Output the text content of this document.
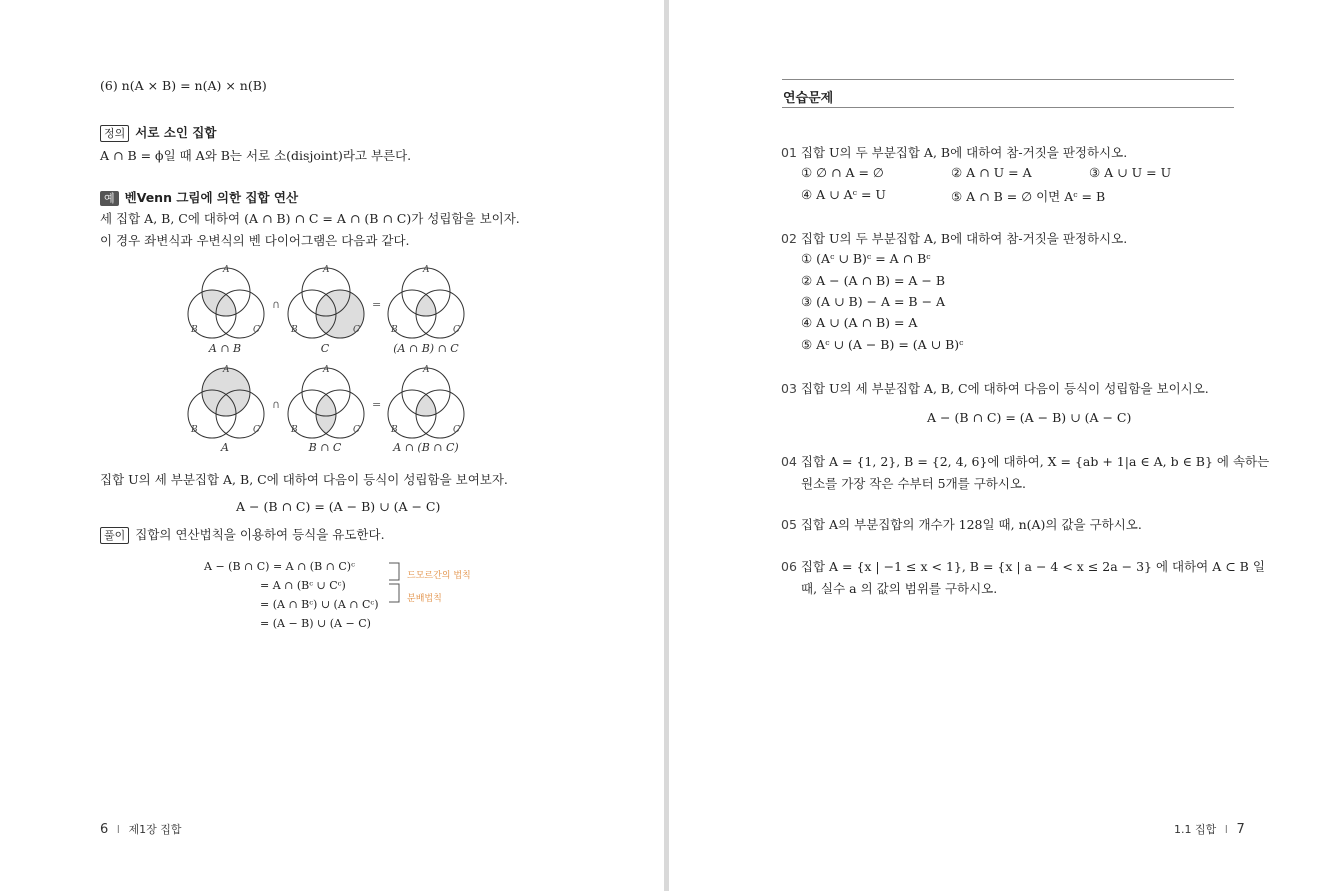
(6) n(A × B) = n(A) × n(B)
정의 서로 소인 집합
A ∩ B = ϕ일 때 A와 B는 서로 소(disjoint)라고 부른다.
예 벤Venn 그림에 의한 집합 연산
세 집합 A, B, C에 대하여 (A ∩ B) ∩ C = A ∩ (B ∩ C)가 성립함을 보이자.
이 경우 좌변식과 우변식의 벤 다이어그램은 다음과 같다.
A
B	C
A
B	C
A
B	C
A
B	C
A
B	C
A
B	C
∩	=
∩	=
A ∩ B	C	(A ∩ B) ∩ C
A	B ∩ C	A ∩ (B ∩ C)
집합 U의 세 부분집합 A, B, C에 대하여 다음이 등식이 성립함을 보여보자.
A − (B ∩ C) = (A − B) ∪ (A − C)
풀이 집합의 연산법칙을 이용하여 등식을 유도한다.
A − (B ∩ C) = A ∩ (B ∩ C)ᶜ
= A ∩ (Bᶜ ∪ Cᶜ)
= (A ∩ Bᶜ) ∪ (A ∩ Cᶜ)
= (A − B) ∪ (A − C)
드모르간의 법칙
분배법칙
6 I 제1장 집합
연습문제
01 집합 U의 두 부분집합 A, B에 대하여 참-거짓을 판정하시오.
① ∅ ∩ A = ∅	② A ∩ U = A	③ A ∪ U = U
④ A ∪ Aᶜ = U	⑤ A ∩ B = ∅ 이면 Aᶜ = B
02 집합 U의 두 부분집합 A, B에 대하여 참-거짓을 판정하시오.
① (Aᶜ ∪ B)ᶜ = A ∩ Bᶜ
② A − (A ∩ B) = A − B
③ (A ∪ B) − A = B − A
④ A ∪ (A ∩ B) = A
⑤ Aᶜ ∪ (A − B) = (A ∪ B)ᶜ
03 집합 U의 세 부분집합 A, B, C에 대하여 다음이 등식이 성립함을 보이시오.
A − (B ∩ C) = (A − B) ∪ (A − C)
04 집합 A = {1, 2}, B = {2, 4, 6}에 대하여, X = {ab + 1|a ∈ A, b ∈ B} 에 속하는
원소를 가장 작은 수부터 5개를 구하시오.
05 집합 A의 부분집합의 개수가 128일 때, n(A)의 값을 구하시오.
06 집합 A = {x | −1 ≤ x < 1}, B = {x | a − 4 < x ≤ 2a − 3} 에 대하여 A ⊂ B 일
때, 실수 a 의 값의 범위를 구하시오.
1.1 집합 I 7
